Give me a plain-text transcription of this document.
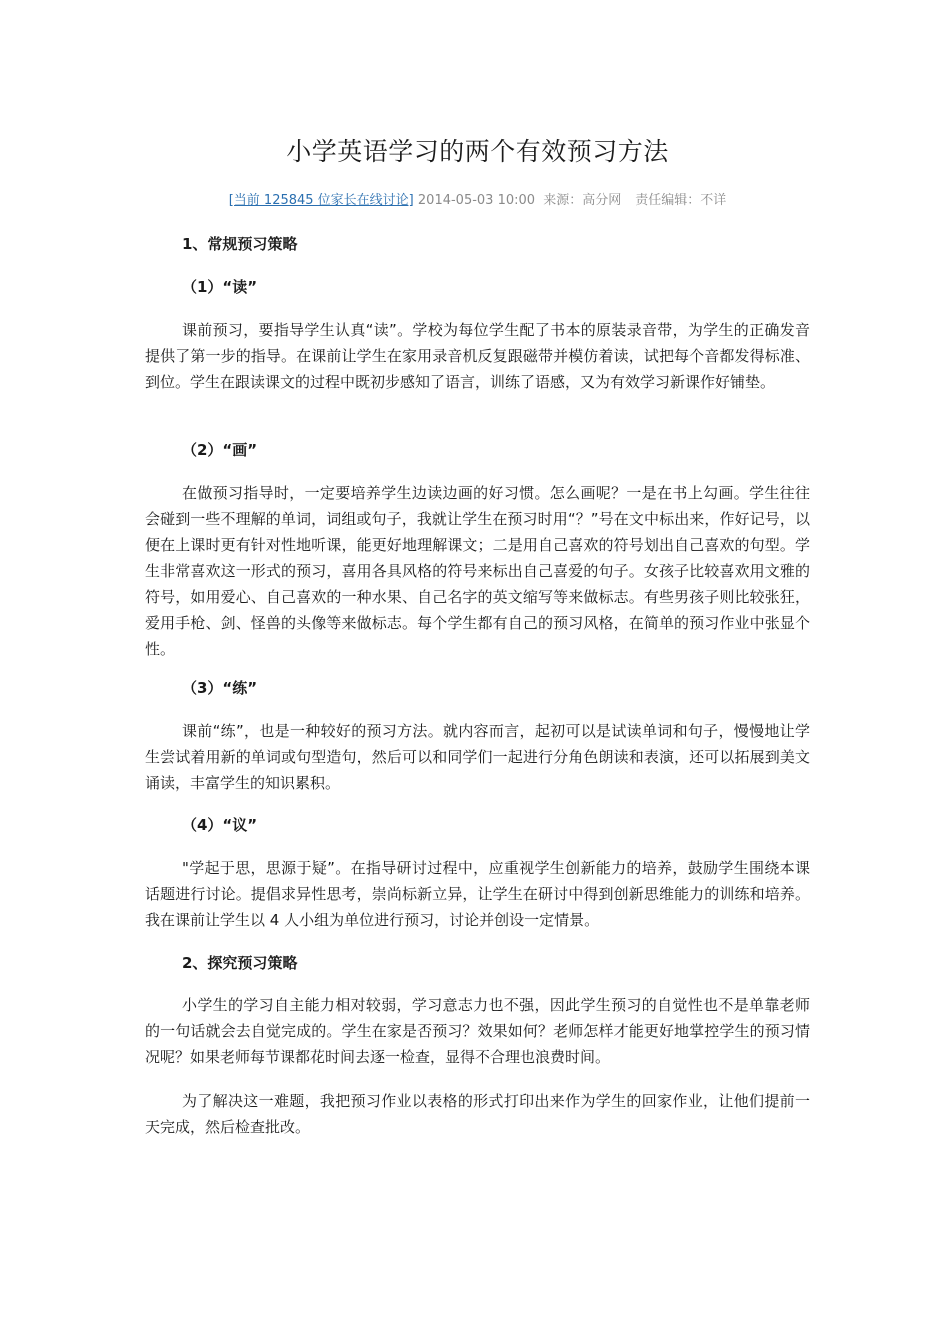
小学英语学习的两个有效预习方法
[当前 125845 位家长在线讨论] 2014-05-03 10:00 来源：高分网 责任编辑：不详
1、常规预习策略
（1）“读”
课前预习，要指导学生认真“读”。学校为每位学生配了书本的原装录音带，为学生的正确发音提供了第一步的指导。在课前让学生在家用录音机反复跟磁带并模仿着读，试把每个音都发得标准、到位。学生在跟读课文的过程中既初步感知了语言，训练了语感，又为有效学习新课作好铺垫。
（2）“画”
在做预习指导时，一定要培养学生边读边画的好习惯。怎么画呢？一是在书上勾画。学生往往会碰到一些不理解的单词，词组或句子，我就让学生在预习时用“？”号在文中标出来，作好记号，以便在上课时更有针对性地听课，能更好地理解课文；二是用自己喜欢的符号划出自己喜欢的句型。学生非常喜欢这一形式的预习，喜用各具风格的符号来标出自己喜爱的句子。女孩子比较喜欢用文雅的符号，如用爱心、自己喜欢的一种水果、自己名字的英文缩写等来做标志。有些男孩子则比较张狂，爱用手枪、剑、怪兽的头像等来做标志。每个学生都有自己的预习风格，在简单的预习作业中张显个性。
（3）“练”
课前“练”，也是一种较好的预习方法。就内容而言，起初可以是试读单词和句子，慢慢地让学生尝试着用新的单词或句型造句，然后可以和同学们一起进行分角色朗读和表演，还可以拓展到美文诵读，丰富学生的知识累积。
（4）“议”
"学起于思，思源于疑”。在指导研讨过程中，应重视学生创新能力的培养，鼓励学生围绕本课话题进行讨论。提倡求异性思考，崇尚标新立异，让学生在研讨中得到创新思维能力的训练和培养。 我在课前让学生以 4 人小组为单位进行预习，讨论并创设一定情景。
2、探究预习策略
小学生的学习自主能力相对较弱，学习意志力也不强，因此学生预习的自觉性也不是单靠老师的一句话就会去自觉完成的。学生在家是否预习？效果如何？老师怎样才能更好地掌控学生的预习情况呢？如果老师每节课都花时间去逐一检查，显得不合理也浪费时间。
为了解决这一难题，我把预习作业以表格的形式打印出来作为学生的回家作业，让他们提前一天完成，然后检查批改。
